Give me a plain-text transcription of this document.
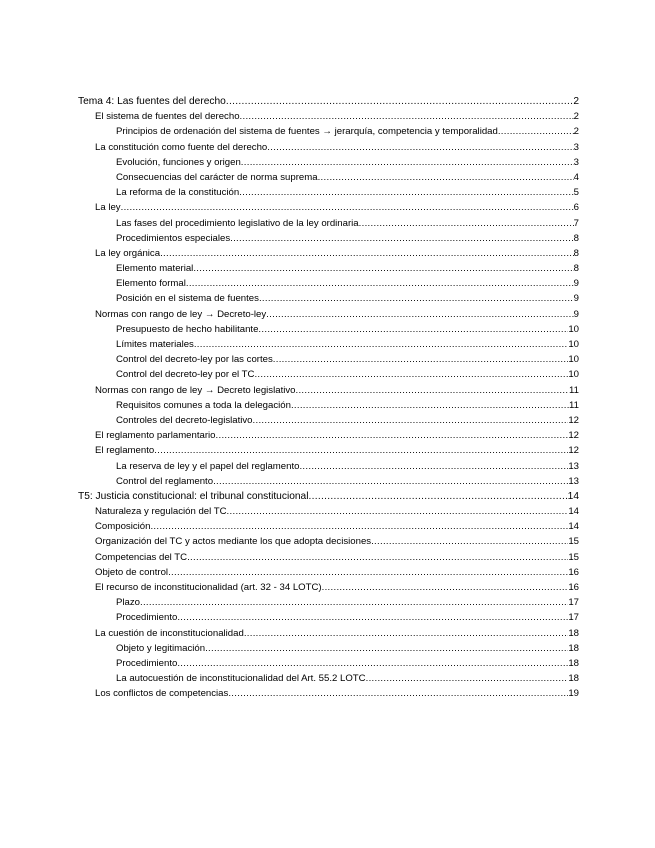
Tema 4: Las fuentes del derecho .....	2
El sistema de fuentes del derecho .....	2
Principios de ordenación del sistema de fuentes → jerarquía, competencia y temporalidad .....	2
La constitución como fuente del derecho .....	3
Evolución, funciones y origen .....	3
Consecuencias del carácter de norma suprema .....	4
La reforma de la constitución .....	5
La ley .....	6
Las fases del procedimiento legislativo de la ley ordinaria .....	7
Procedimientos especiales .....	8
La ley orgánica .....	8
Elemento material .....	8
Elemento formal .....	9
Posición en el sistema de fuentes .....	9
Normas con rango de ley → Decreto-ley .....	9
Presupuesto de hecho habilitante .....	10
Límites materiales .....	10
Control del decreto-ley por las cortes .....	10
Control del decreto-ley por el TC .....	10
Normas con rango de ley → Decreto legislativo .....	11
Requisitos comunes a toda la delegación .....	11
Controles del decreto-legislativo .....	12
El reglamento parlamentario .....	12
El reglamento .....	12
La reserva de ley y el papel del reglamento .....	13
Control del reglamento .....	13
T5: Justicia constitucional: el tribunal constitucional .....	14
Naturaleza y regulación del TC .....	14
Composición .....	14
Organización del TC y actos mediante los que adopta decisiones .....	15
Competencias del TC .....	15
Objeto de control .....	16
El recurso de inconstitucionalidad (art. 32 - 34 LOTC) .....	16
Plazo .....	17
Procedimiento .....	17
La cuestión de inconstitucionalidad .....	18
Objeto y legitimación .....	18
Procedimiento .....	18
La autocuestión de inconstitucionalidad del Art. 55.2 LOTC .....	18
Los conflictos de competencias .....	19
